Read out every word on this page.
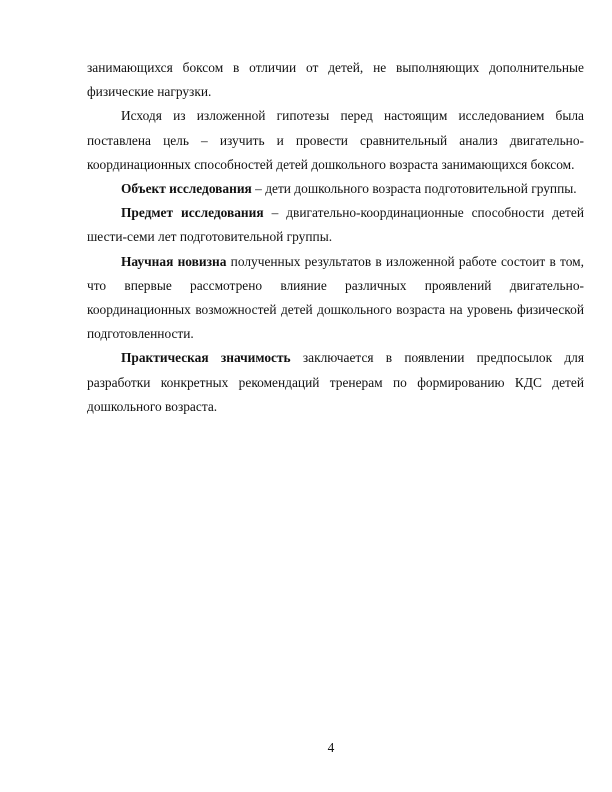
занимающихся боксом в отличии от детей, не выполняющих дополнительные физические нагрузки.

Исходя из изложенной гипотезы перед настоящим исследованием была поставлена цель – изучить и провести сравнительный анализ двигательно-координационных способностей детей дошкольного возраста занимающихся боксом.

Объект исследования – дети дошкольного возраста подготовительной группы.

Предмет исследования – двигательно-координационные способности детей шести-семи лет подготовительной группы.

Научная новизна полученных результатов в изложенной работе состоит в том, что впервые рассмотрено влияние различных проявлений двигательно-координационных возможностей детей дошкольного возраста на уровень физической подготовленности.

Практическая значимость заключается в появлении предпосылок для разработки конкретных рекомендаций тренерам по формированию КДС детей дошкольного возраста.

4
